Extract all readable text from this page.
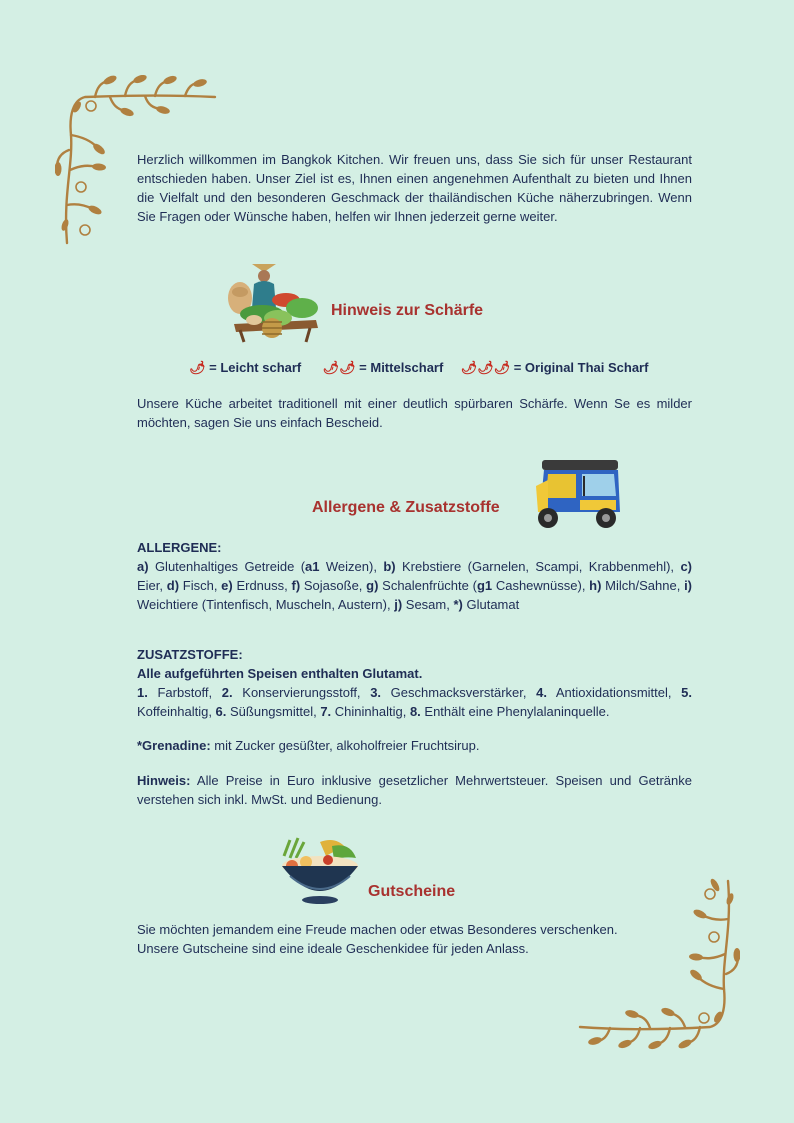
Herzlich willkommen im Bangkok Kitchen. Wir freuen uns, dass Sie sich für unser Restaurant entschieden haben. Unser Ziel ist es, Ihnen einen angenehmen Aufenthalt zu bieten und Ihnen die Vielfalt und den besonderen Geschmack der thailändischen Küche näherzubringen. Wenn Sie Fragen oder Wünsche haben, helfen wir Ihnen jederzeit gerne weiter.
Hinweis zur Schärfe
🌶 = Leicht scharf 🌶🌶 = Mittelscharf 🌶🌶🌶 = Original Thai Scharf
Unsere Küche arbeitet traditionell mit einer deutlich spürbaren Schärfe. Wenn Se es milder möchten, sagen Sie uns einfach Bescheid.
Allergene & Zusatzstoffe
ALLERGENE:
a) Glutenhaltiges Getreide (a1 Weizen), b) Krebstiere (Garnelen, Scampi, Krabbenmehl), c) Eier, d) Fisch, e) Erdnuss, f) Sojasoße, g) Schalenfrüchte (g1 Cashewnüsse), h) Milch/Sahne, i) Weichtiere (Tintenfisch, Muscheln, Austern), j) Sesam, *) Glutamat
ZUSATZSTOFFE:
Alle aufgeführten Speisen enthalten Glutamat.
1. Farbstoff, 2. Konservierungsstoff, 3. Geschmacksverstärker, 4. Antioxidationsmittel, 5. Koffeinhaltig, 6. Süßungsmittel, 7. Chininhaltig, 8. Enthält eine Phenylalaninquelle.
*Grenadine: mit Zucker gesüßter, alkoholfreier Fruchtsirup.
Hinweis: Alle Preise in Euro inklusive gesetzlicher Mehrwertsteuer. Speisen und Getränke verstehen sich inkl. MwSt. und Bedienung.
Gutscheine
Sie möchten jemandem eine Freude machen oder etwas Besonderes verschenken.
Unsere Gutscheine sind eine ideale Geschenkidee für jeden Anlass.
